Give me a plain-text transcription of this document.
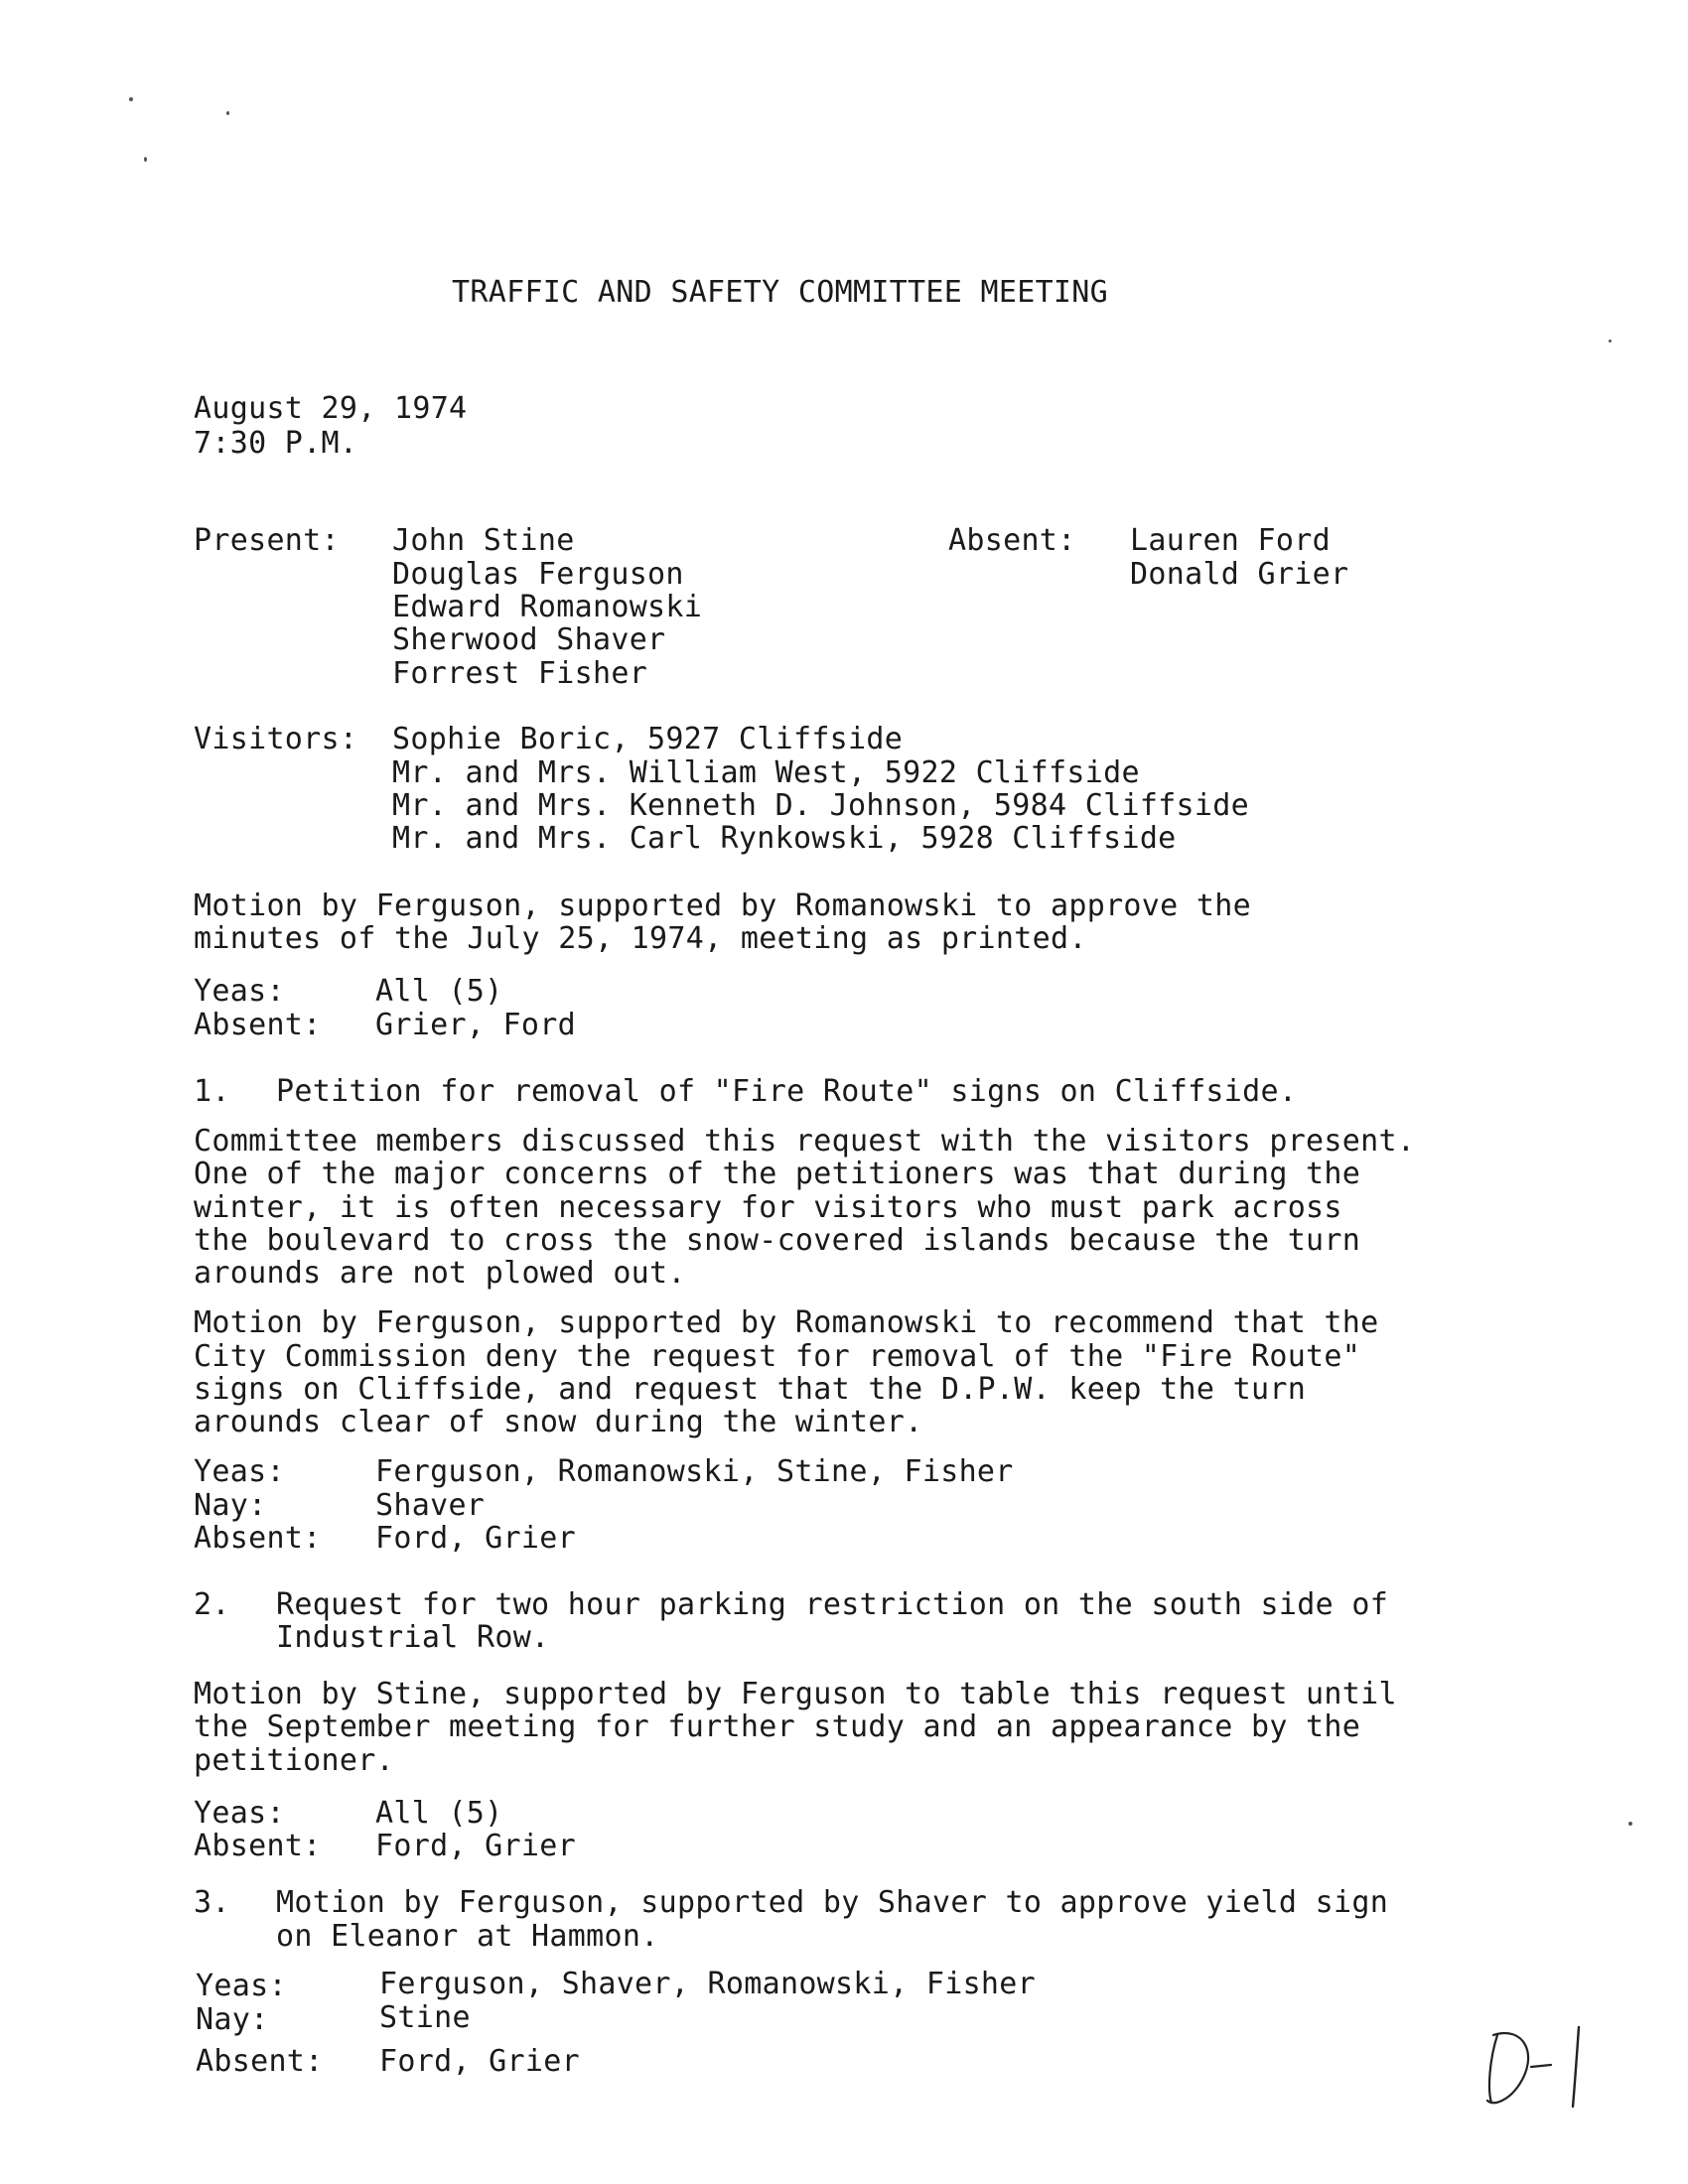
TRAFFIC AND SAFETY COMMITTEE MEETING
August 29, 1974
7:30 P.M.
Present: John Stine
Douglas Ferguson
Edward Romanowski
Sherwood Shaver
Forrest Fisher
Absent: Lauren Ford
Donald Grier
Visitors: Sophie Boric, 5927 Cliffside
Mr. and Mrs. William West, 5922 Cliffside
Mr. and Mrs. Kenneth D. Johnson, 5984 Cliffside
Mr. and Mrs. Carl Rynkowski, 5928 Cliffside
Motion by Ferguson, supported by Romanowski to approve the
minutes of the July 25, 1974, meeting as printed.
Yeas:	All (5)
Absent: Grier, Ford
1. Petition for removal of "Fire Route" signs on Cliffside.
Committee members discussed this request with the visitors present.
One of the major concerns of the petitioners was that during the
winter, it is often necessary for visitors who must park across
the boulevard to cross the snow-covered islands because the turn
arounds are not plowed out.
Motion by Ferguson, supported by Romanowski to recommend that the
City Commission deny the request for removal of the "Fire Route"
signs on Cliffside, and request that the D.P.W. keep the turn
arounds clear of snow during the winter.
Yeas:	Ferguson, Romanowski, Stine, Fisher
Nay:	Shaver
Absent: Ford, Grier
2. Request for two hour parking restriction on the south side of
Industrial Row.
Motion by Stine, supported by Ferguson to table this request until
the September meeting for further study and an appearance by the
petitioner.
Yeas:	All (5)
Absent: Ford, Grier
3. Motion by Ferguson, supported by Shaver to approve yield sign
on Eleanor at Hammon.
Yeas:	Ferguson, Shaver, Romanowski, Fisher
Nay:	Stine
Absent: Ford, Grier
